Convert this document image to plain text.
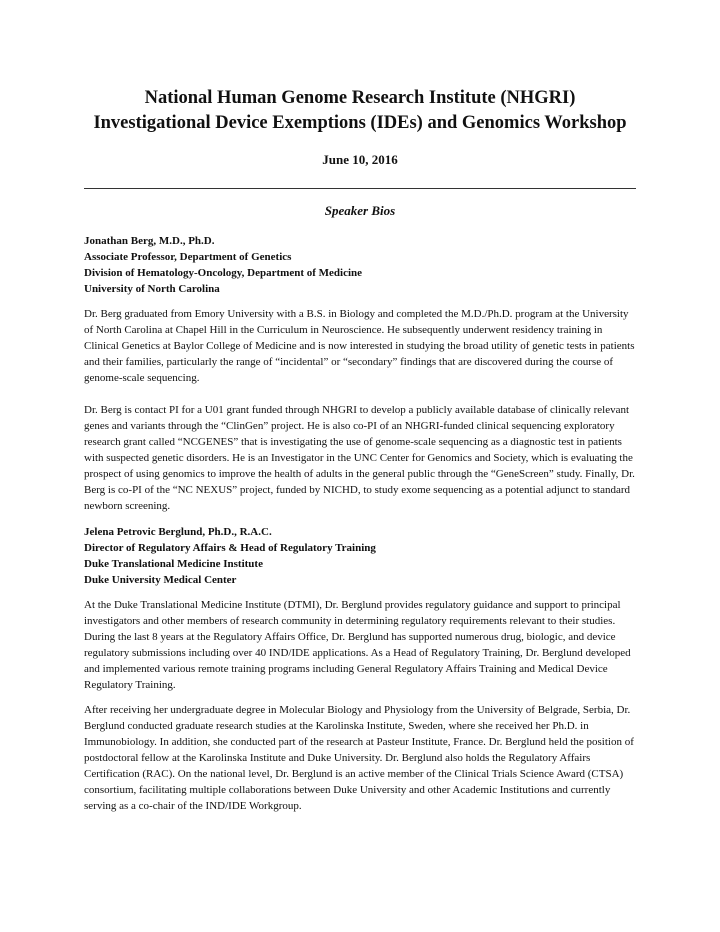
National Human Genome Research Institute (NHGRI)
Investigational Device Exemptions (IDEs) and Genomics Workshop
June 10, 2016
Speaker Bios
Jonathan Berg, M.D., Ph.D.
Associate Professor, Department of Genetics
Division of Hematology-Oncology, Department of Medicine
University of North Carolina

Dr. Berg graduated from Emory University with a B.S. in Biology and completed the M.D./Ph.D. program at the University of North Carolina at Chapel Hill in the Curriculum in Neuroscience. He subsequently underwent residency training in Clinical Genetics at Baylor College of Medicine and is now interested in studying the broad utility of genetic tests in patients and their families, particularly the range of “incidental” or “secondary” findings that are discovered during the course of genome-scale sequencing.

Dr. Berg is contact PI for a U01 grant funded through NHGRI to develop a publicly available database of clinically relevant genes and variants through the “ClinGen” project. He is also co-PI of an NHGRI-funded clinical sequencing exploratory research grant called “NCGENES” that is investigating the use of genome-scale sequencing as a diagnostic test in patients with suspected genetic disorders. He is an Investigator in the UNC Center for Genomics and Society, which is evaluating the prospect of using genomics to improve the health of adults in the general public through the “GeneScreen” study. Finally, Dr. Berg is co-PI of the “NC NEXUS” project, funded by NICHD, to study exome sequencing as a potential adjunct to standard newborn screening.

Jelena Petrovic Berglund, Ph.D., R.A.C.
Director of Regulatory Affairs & Head of Regulatory Training
Duke Translational Medicine Institute
Duke University Medical Center

At the Duke Translational Medicine Institute (DTMI), Dr. Berglund provides regulatory guidance and support to principal investigators and other members of research community in determining regulatory requirements relevant to their studies. During the last 8 years at the Regulatory Affairs Office, Dr. Berglund has supported numerous drug, biologic, and device regulatory submissions including over 40 IND/IDE applications. As a Head of Regulatory Training, Dr. Berglund developed and implemented various remote training programs including General Regulatory Affairs Training and Medical Device Regulatory Training.

After receiving her undergraduate degree in Molecular Biology and Physiology from the University of Belgrade, Serbia, Dr. Berglund conducted graduate research studies at the Karolinska Institute, Sweden, where she received her Ph.D. in Immunobiology. In addition, she conducted part of the research at Pasteur Institute, France. Dr. Berglund held the position of postdoctoral fellow at the Karolinska Institute and Duke University. Dr. Berglund also holds the Regulatory Affairs Certification (RAC). On the national level, Dr. Berglund is an active member of the Clinical Trials Science Award (CTSA) consortium, facilitating multiple collaborations between Duke University and other Academic Institutions and currently serving as a co-chair of the IND/IDE Workgroup.
